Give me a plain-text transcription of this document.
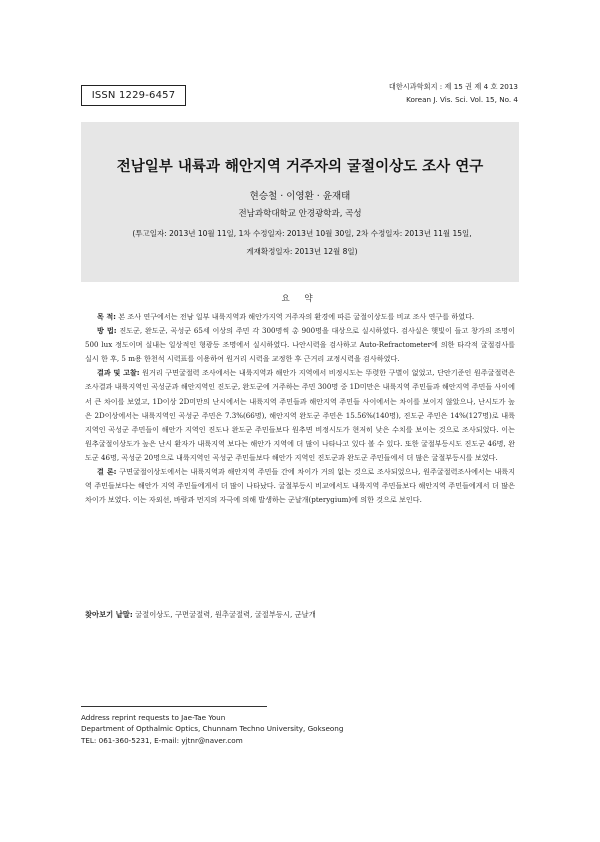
ISSN 1229-6457
대한시과학회지 : 제 15 권 제 4 호 2013
Korean J. Vis. Sci. Vol. 15, No. 4
전남일부 내륙과 해안지역 거주자의 굴절이상도 조사 연구
현승철 · 이영환 · 윤재태
전남과학대학교 안경광학과, 곡성
(투고일자: 2013년 10월 11일, 1차 수정일자: 2013년 10월 30일, 2차 수정일자: 2013년 11월 15일,
게재확정일자: 2013년 12월 8일)
요 약

목 적: 본 조사 연구에서는 전남 일부 내륙지역과 해안가지역 거주자의 환경에 따른 굴절이상도를 비교 조사 연구를 하였다.

방 법: 진도군, 완도군, 곡성군 65세 이상의 주민 각 300명씩 총 900명을 대상으로 실시하였다. 검사실은 햇빛이 들고 창가의 조명이 500 lux 정도이며 실내는 일상적인 형광등 조명에서 실시하였다. 나안시력을 검사하고 Auto-Refractometer에 의한 타각적 굴절검사를 실시 한 후, 5 m용 한천석 시력표를 이용하여 원거리 시력을 교정한 후 근거리 교정시력을 검사하였다.

결과 및 고찰: 원거리 구면굴절력 조사에서는 내륙지역과 해안가 지역에서 비정시도는 뚜렷한 구별이 없었고, 단안기준인 원주굴절력은 조사결과 내륙지역인 곡성군과 해안지역인 진도군, 완도군에 거주하는 주민 300명 중 1D미만은 내륙지역 주민들과 해안지역 주민들 사이에서 큰 차이를 보였고, 1D이상 2D미만의 난시에서는 내륙지역 주민들과 해안지역 주민들 사이에서는 차이를 보이지 않았으나, 난시도가 높은 2D이상에서는 내륙지역인 곡성군 주민은 7.3%(66명), 해안지역 완도군 주민은 15.56%(140명), 진도군 주민은 14%(127명)로 내륙지역인 곡성군 주민들이 해안가 지역인 진도나 완도군 주민들보다 원추면 비정시도가 현저히 낮은 수치를 보이는 것으로 조사되었다. 이는 원추굴절이상도가 높은 난시 환자가 내륙지역 보다는 해안가 지역에 더 많이 나타나고 있다 볼 수 있다. 또한 굴절부등시도 진도군 46명, 완도군 46명, 곡성군 20명으로 내륙지역인 곡성군 주민들보다 해안가 지역인 진도군과 완도군 주민들에서 더 많은 굴절부등시를 보였다.

결 론: 구면굴절이상도에서는 내륙지역과 해안지역 주민들 간에 차이가 거의 없는 것으로 조사되었으나, 원주굴절력조사에서는 내륙지역 주민들보다는 해안가 지역 주민들에게서 더 많이 나타났다. 굴절부등시 비교에서도 내륙지역 주민들보다 해안지역 주민들에게서 더 많은 차이가 보였다. 이는 자외선, 바람과 먼지의 자극에 의해 발생하는 군날개(pterygium)에 의한 것으로 보인다.

찾아보기 낱말: 굴절이상도, 구면굴절력, 원추굴절력, 굴절부등시, 군날개
Address reprint requests to Jae-Tae Youn
Department of Opthalmic Optics, Chunnam Techno University, Gokseong
TEL: 061-360-5231, E-mail: yjtnr@naver.com
